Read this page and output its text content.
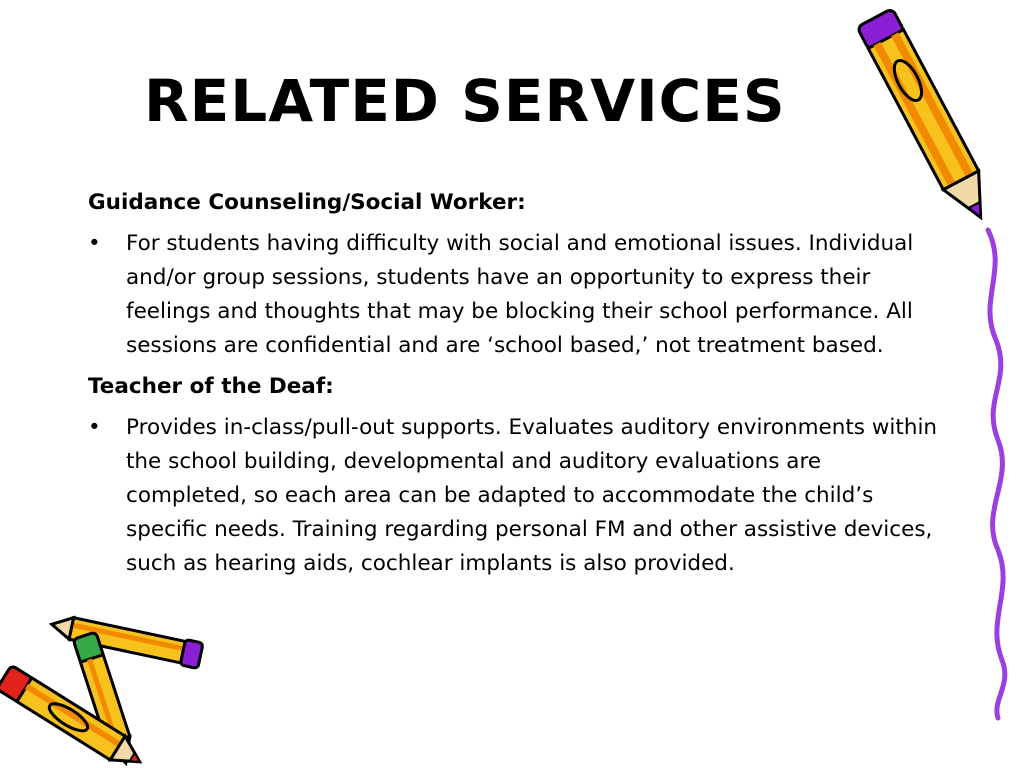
RELATED SERVICES
Guidance Counseling/Social Worker:
•	For students having difficulty with social and emotional issues. Individual and/or group sessions, students have an opportunity to express their feelings and thoughts that may be blocking their school performance. All sessions are confidential and are ‘school based,’ not treatment based.
Teacher of the Deaf:
•	Provides in-class/pull-out supports. Evaluates auditory environments within the school building, developmental and auditory evaluations are completed, so each area can be adapted to accommodate the child’s specific needs. Training regarding personal FM and other assistive devices, such as hearing aids, cochlear implants is also provided.
